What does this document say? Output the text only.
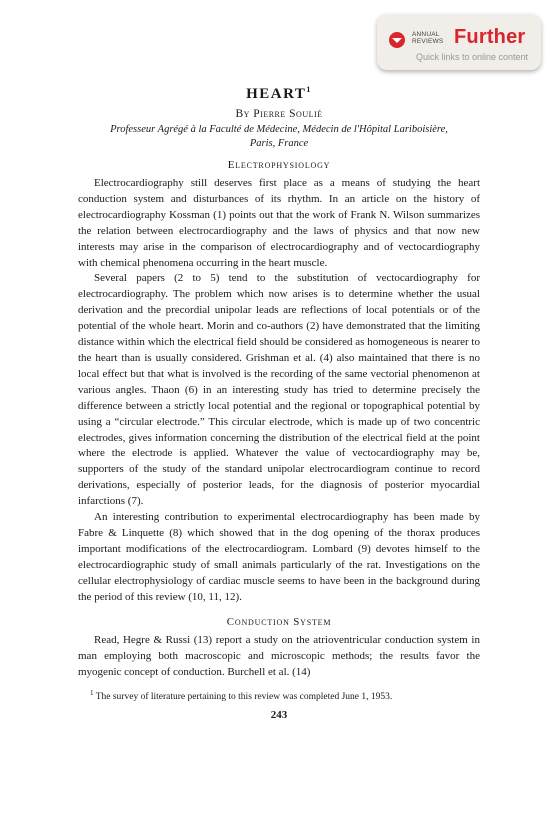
ANNUAL
REVIEWS Further
Quick links to online content
HEART$^1$
By Pierre Soulié
Professeur Agrégé à la Faculté de Médecine, Médecin de l'Hôpital Lariboisière,
Paris, France
Electrophysiology

Electrocardiography still deserves first place as a means of studying the heart conduction system and disturbances of its rhythm. In an article on the history of electrocardiography Kossman (1) points out that the work of Frank N. Wilson summarizes the relation between electrocardiography and the laws of physics and that now new interests may arise in the comparison of electrocardiography and of vectocardiography with chemical phenomena occurring in the heart muscle.

Several papers (2 to 5) tend to the substitution of vectocardiography for electrocardiography. The problem which now arises is to determine whether the usual derivation and the precordial unipolar leads are reflections of local potentials or of the potential of the whole heart. Morin and co-authors (2) have demonstrated that the limiting distance within which the electrical field should be considered as homogeneous is nearer to the heart than is usually considered. Grishman et al. (4) also maintained that there is no local effect but that what is involved is the recording of the same vectorial phenomenon at various angles. Thaon (6) in an interesting study has tried to determine precisely the difference between a strictly local potential and the regional or topographical potential by using a “circular electrode.” This circular electrode, which is made up of two concentric electrodes, gives information concerning the distribution of the electrical field at the point where the electrode is applied. Whatever the value of vectocardiography may be, supporters of the study of the standard unipolar electrocardiogram continue to record derivations, especially of posterior leads, for the diagnosis of posterior myocardial infarctions (7).

An interesting contribution to experimental electrocardiography has been made by Fabre & Linquette (8) which showed that in the dog opening of the thorax produces important modifications of the electrocardiogram. Lombard (9) devotes himself to the electrocardiographic study of small animals particularly of the rat. Investigations on the cellular electrophysiology of cardiac muscle seems to have been in the background during the period of this review (10, 11, 12).

Conduction System

Read, Hegre & Russi (13) report a study on the atrioventricular conduction system in man employing both macroscopic and microscopic methods; the results favor the myogenic concept of conduction. Burchell et al. (14)

$^1$ The survey of literature pertaining to this review was completed June 1, 1953.

243
